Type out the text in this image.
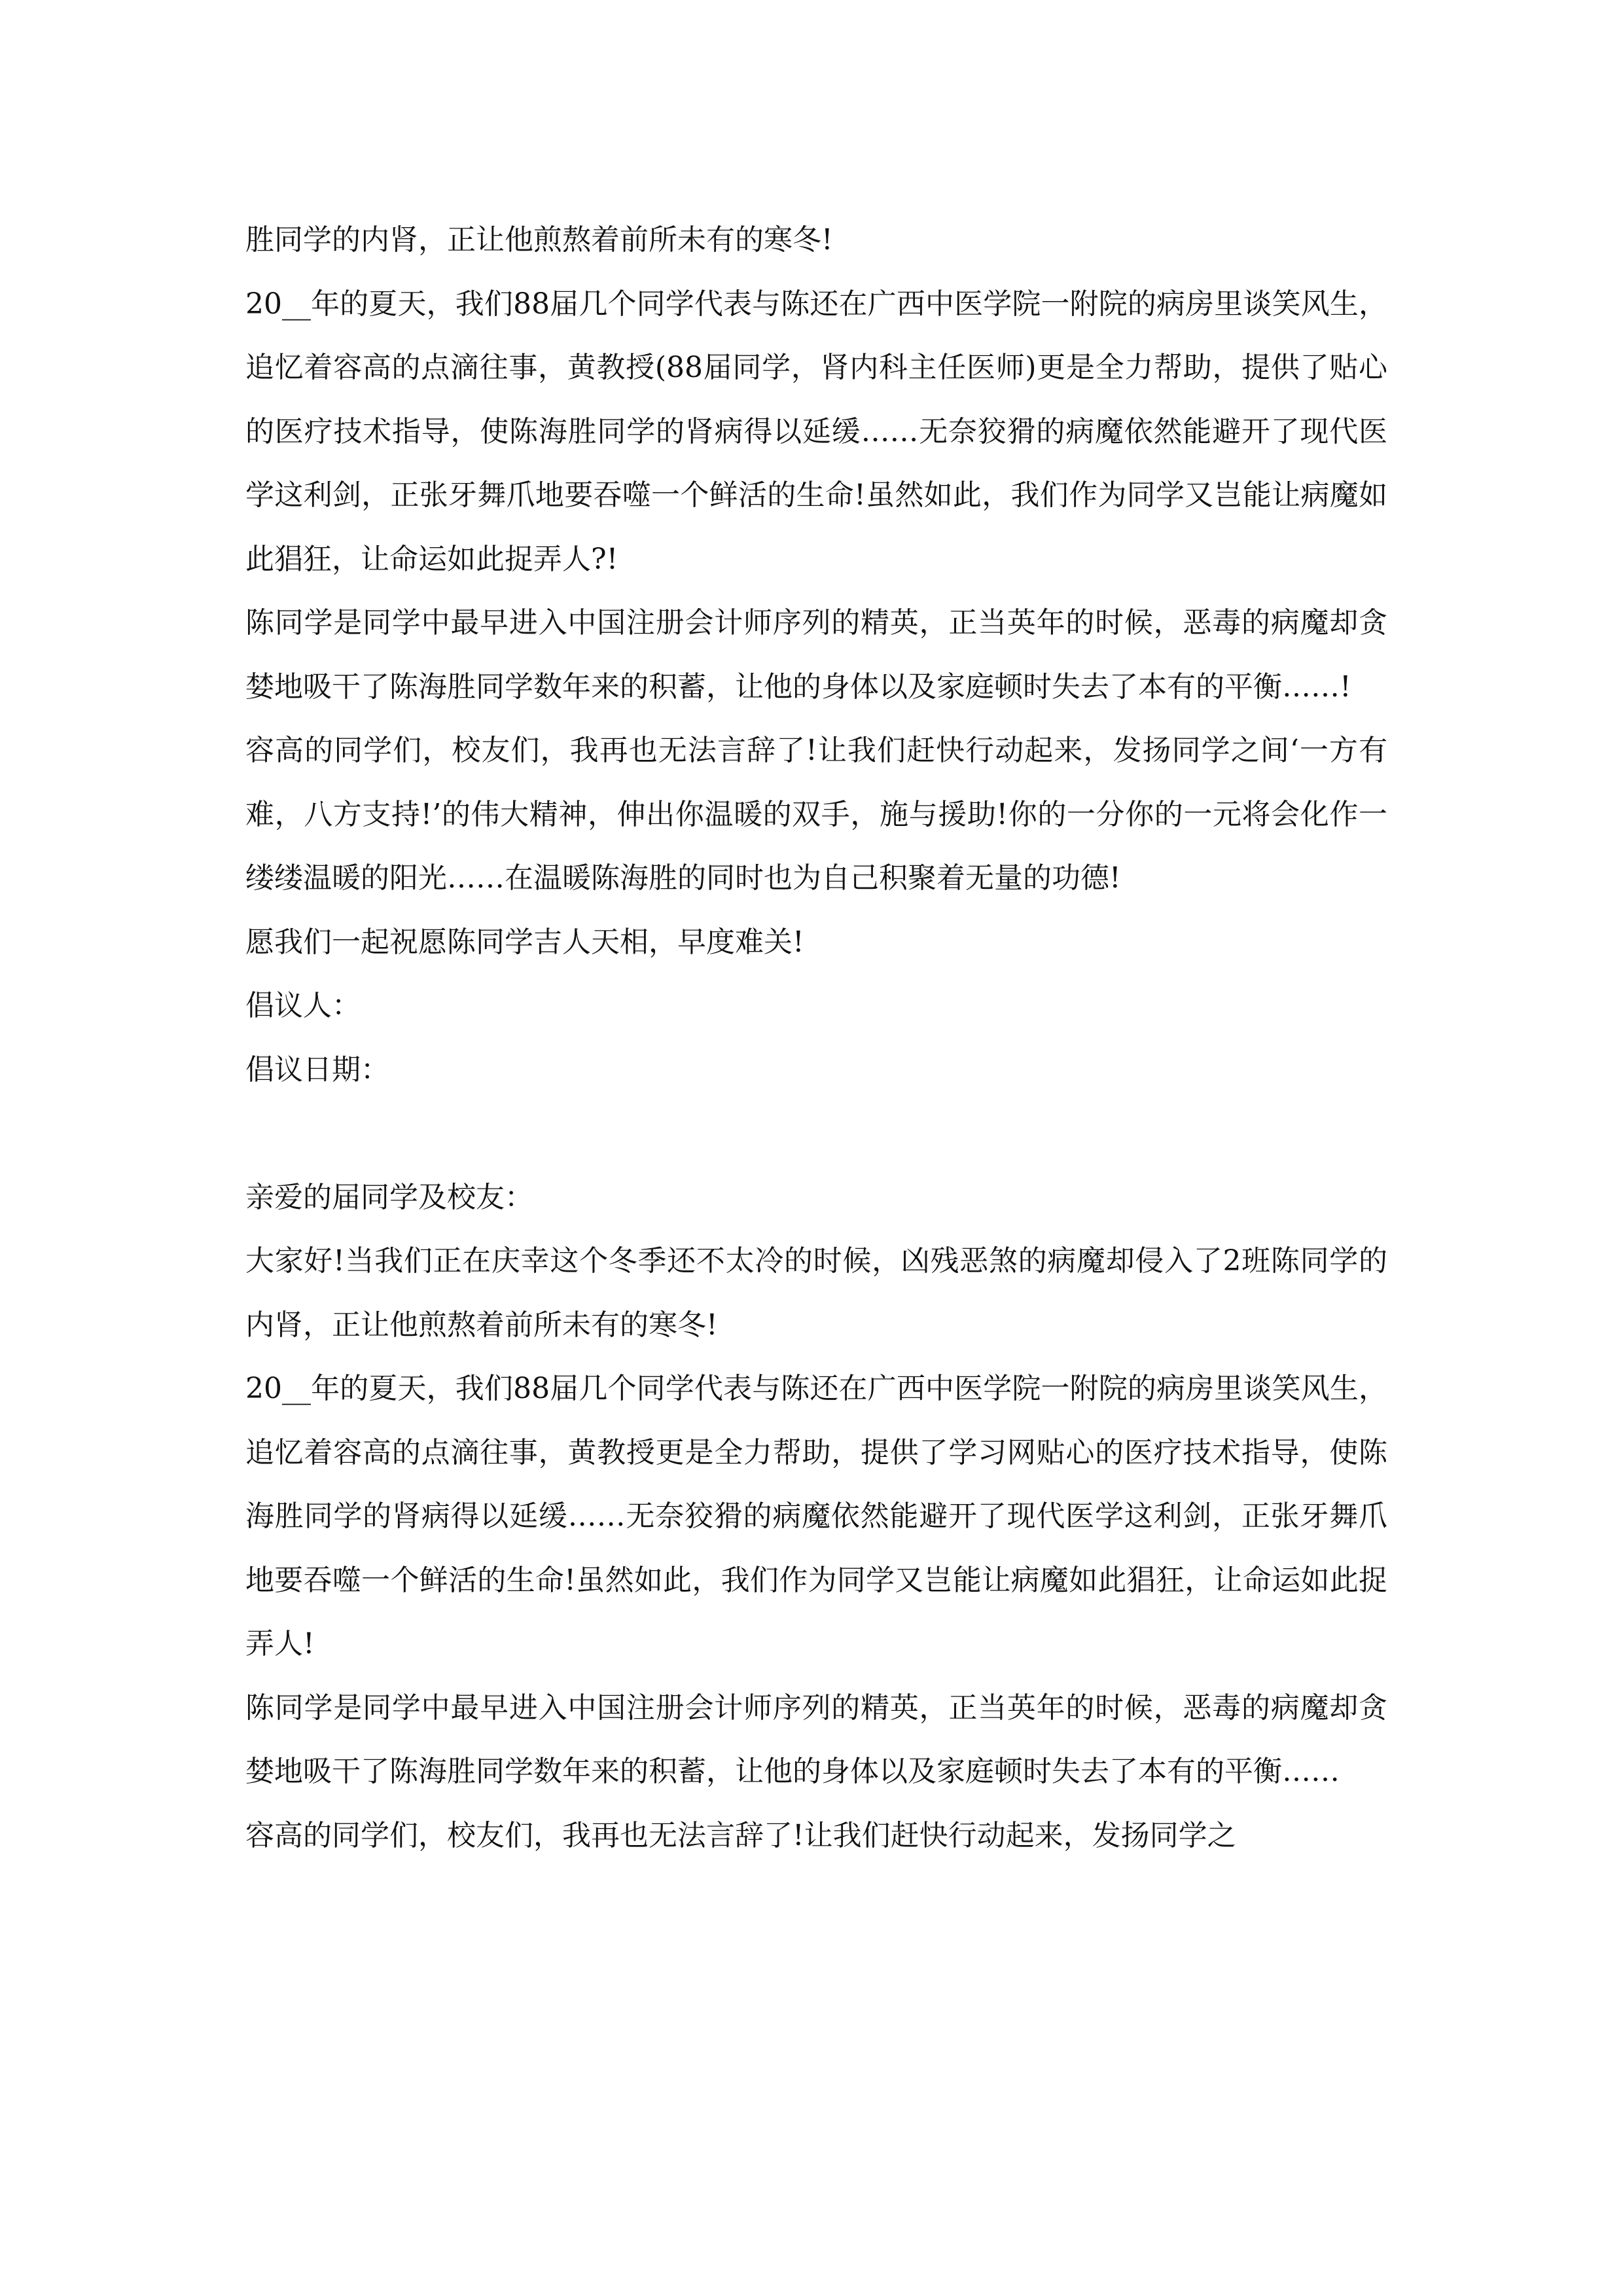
胜同学的内肾，正让他煎熬着前所未有的寒冬!

20__年的夏天，我们88届几个同学代表与陈还在广西中医学院一附院的病房里谈笑风生，追忆着容高的点滴往事，黄教授(88届同学，肾内科主任医师)更是全力帮助，提供了贴心的医疗技术指导，使陈海胜同学的肾病得以延缓……无奈狡猾的病魔依然能避开了现代医学这利剑，正张牙舞爪地要吞噬一个鲜活的生命!虽然如此，我们作为同学又岂能让病魔如此猖狂，让命运如此捉弄人?!

陈同学是同学中最早进入中国注册会计师序列的精英，正当英年的时候，恶毒的病魔却贪婪地吸干了陈海胜同学数年来的积蓄，让他的身体以及家庭顿时失去了本有的平衡……!

容高的同学们，校友们，我再也无法言辞了!让我们赶快行动起来，发扬同学之间‘一方有难，八方支持!’的伟大精神，伸出你温暖的双手，施与援助!你的一分你的一元将会化作一缕缕温暖的阳光……在温暖陈海胜的同时也为自己积聚着无量的功德!

愿我们一起祝愿陈同学吉人天相，早度难关!

倡议人：

倡议日期：

亲爱的届同学及校友：

大家好!当我们正在庆幸这个冬季还不太冷的时候，凶残恶煞的病魔却侵入了2班陈同学的内肾，正让他煎熬着前所未有的寒冬!

20__年的夏天，我们88届几个同学代表与陈还在广西中医学院一附院的病房里谈笑风生，追忆着容高的点滴往事，黄教授更是全力帮助，提供了学习网贴心的医疗技术指导，使陈海胜同学的肾病得以延缓……无奈狡猾的病魔依然能避开了现代医学这利剑，正张牙舞爪地要吞噬一个鲜活的生命!虽然如此，我们作为同学又岂能让病魔如此猖狂，让命运如此捉弄人!

陈同学是同学中最早进入中国注册会计师序列的精英，正当英年的时候，恶毒的病魔却贪婪地吸干了陈海胜同学数年来的积蓄，让他的身体以及家庭顿时失去了本有的平衡……

容高的同学们，校友们，我再也无法言辞了!让我们赶快行动起来，发扬同学之
